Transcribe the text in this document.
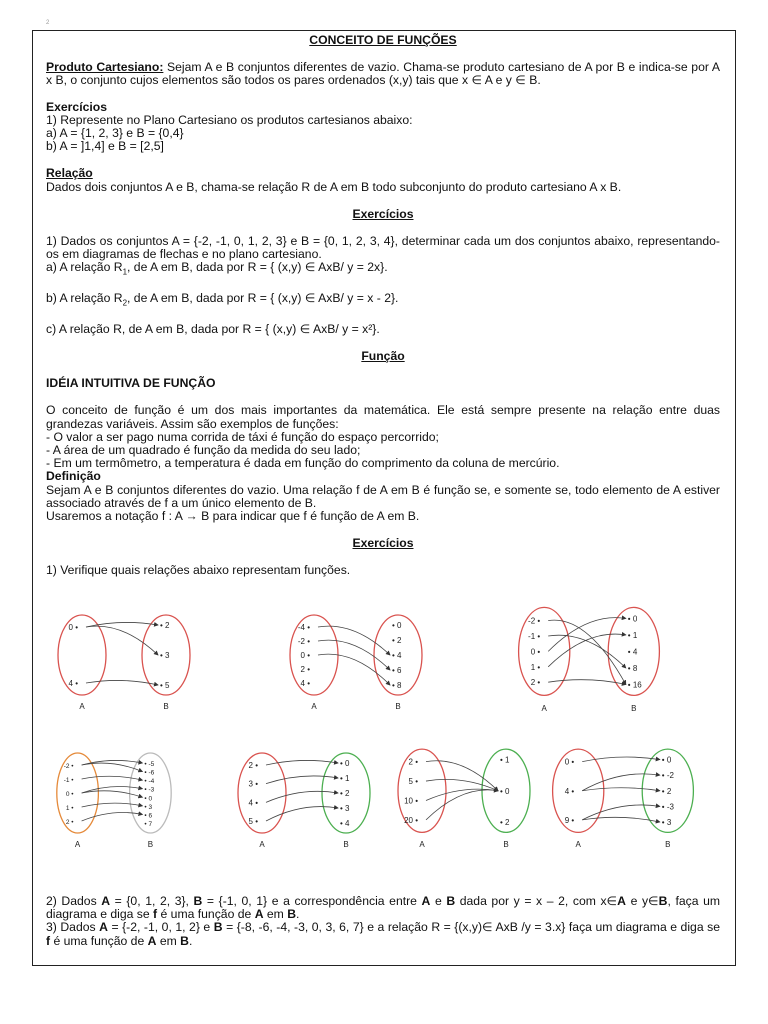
2

CONCEITO DE FUNÇÕES

Produto Cartesiano: Sejam A e B conjuntos diferentes de vazio. Chama-se produto cartesiano de A por B e indica-se por A x B, o conjunto cujos elementos são todos os pares ordenados (x,y) tais que x ∈ A e y ∈ B.

Exercícios

1) Represente no Plano Cartesiano os produtos cartesianos abaixo:

a) A = {1, 2, 3} e B = {0,4}

b) A = ]1,4] e B = [2,5]

Relação

Dados dois conjuntos A e B, chama-se relação R de A em B todo subconjunto do produto cartesiano A x B.

Exercícios

1) Dados os conjuntos A = {-2, -1, 0, 1, 2, 3} e B = {0, 1, 2, 3, 4}, determinar cada um dos conjuntos abaixo, representando-os em diagramas de flechas e no plano cartesiano.

a) A relação $R_1$, de A em B, dada por R = { (x,y) ∈ AxB/ y = 2x}.

b) A relação $R_2$, de A em B, dada por R = { (x,y) ∈ AxB/ y = x - 2}.

c) A relação R, de A em B, dada por R = { (x,y) ∈ AxB/ y = x²}.

Função

IDÉIA INTUITIVA DE FUNÇÃO

O conceito de função é um dos mais importantes da matemática. Ele está sempre presente na relação entre duas grandezas variáveis. Assim são exemplos de funções:

- O valor a ser pago numa corrida de táxi é função do espaço percorrido;

- A área de um quadrado é função da medida do seu lado;

- Em um termômetro, a temperatura é dada em função do comprimento da coluna de mercúrio.

Definição

Sejam A e B conjuntos diferentes do vazio. Uma relação f de A em B é função se, e somente se, todo elemento de A estiver associado através de f a um único elemento de B.

Usaremos a notação f : A → B para indicar que f é função de A em B.

Exercícios

1) Verifique quais relações abaixo representam funções.

2) Dados A = {0, 1, 2, 3}, B = {-1, 0, 1} e a correspondência entre A e B dada por y = x – 2, com x∈A e y∈B, faça um diagrama e diga se f é uma função de A em B.

3) Dados A = {-2, -1, 0, 1, 2} e B = {-8, -6, -4, -3, 0, 3, 6, 7} e a relação R = {(x,y)∈ AxB /y = 3.x} faça um diagrama e diga se f é uma função de A em B.

0 •
4 •
• 2
• 3
• 5
A	B
-4 •
-2 •
0 •
2 •
4 •
• 0
• 2
• 4
• 6
• 8
A	B
-2 •
-1 •
0 •
1 •
2 •
• 0
• 1
• 4
• 8
• 16
A	B
-2 •
-1 •
0 •
1 •
2 •
• -5
• -6
• -4
• -3
• 0
• 3
• 6
• 7
A	B
2 •
3 •
4 •
5 •
• 0
• 1
• 2
• 3
• 4
A	B
2 •
5 •
10 •
20 •
• 1
• 0
• 2
A	B
0 •
4 •
9 •
• 0
• -2
• 2
• -3
• 3
A	B
